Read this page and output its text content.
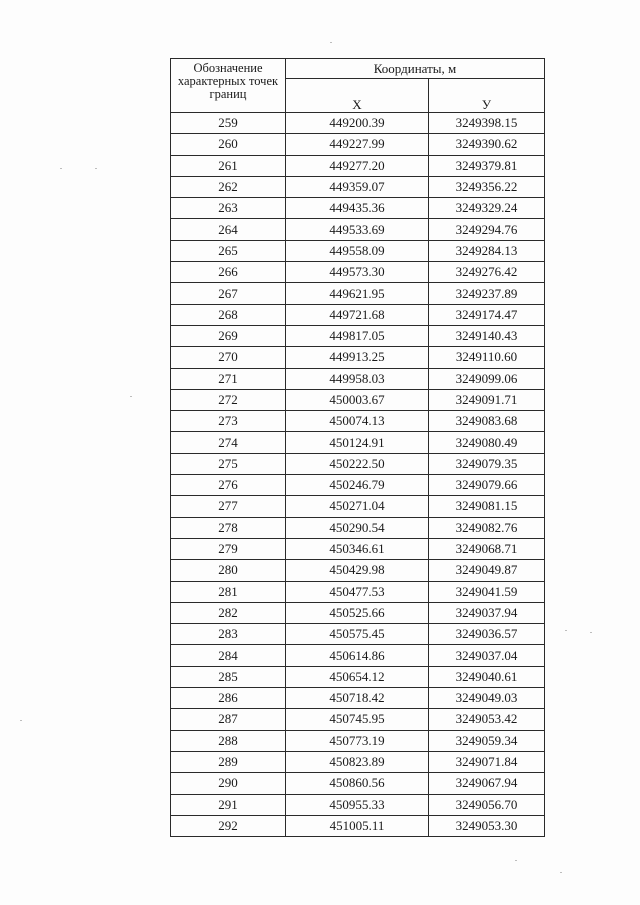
Обозначение характерных точек границ	Координаты, м	
	X	У
259	449200.39	3249398.15
260	449227.99	3249390.62
261	449277.20	3249379.81
262	449359.07	3249356.22
263	449435.36	3249329.24
264	449533.69	3249294.76
265	449558.09	3249284.13
266	449573.30	3249276.42
267	449621.95	3249237.89
268	449721.68	3249174.47
269	449817.05	3249140.43
270	449913.25	3249110.60
271	449958.03	3249099.06
272	450003.67	3249091.71
273	450074.13	3249083.68
274	450124.91	3249080.49
275	450222.50	3249079.35
276	450246.79	3249079.66
277	450271.04	3249081.15
278	450290.54	3249082.76
279	450346.61	3249068.71
280	450429.98	3249049.87
281	450477.53	3249041.59
282	450525.66	3249037.94
283	450575.45	3249036.57
284	450614.86	3249037.04
285	450654.12	3249040.61
286	450718.42	3249049.03
287	450745.95	3249053.42
288	450773.19	3249059.34
289	450823.89	3249071.84
290	450860.56	3249067.94
291	450955.33	3249056.70
292	451005.11	3249053.30
